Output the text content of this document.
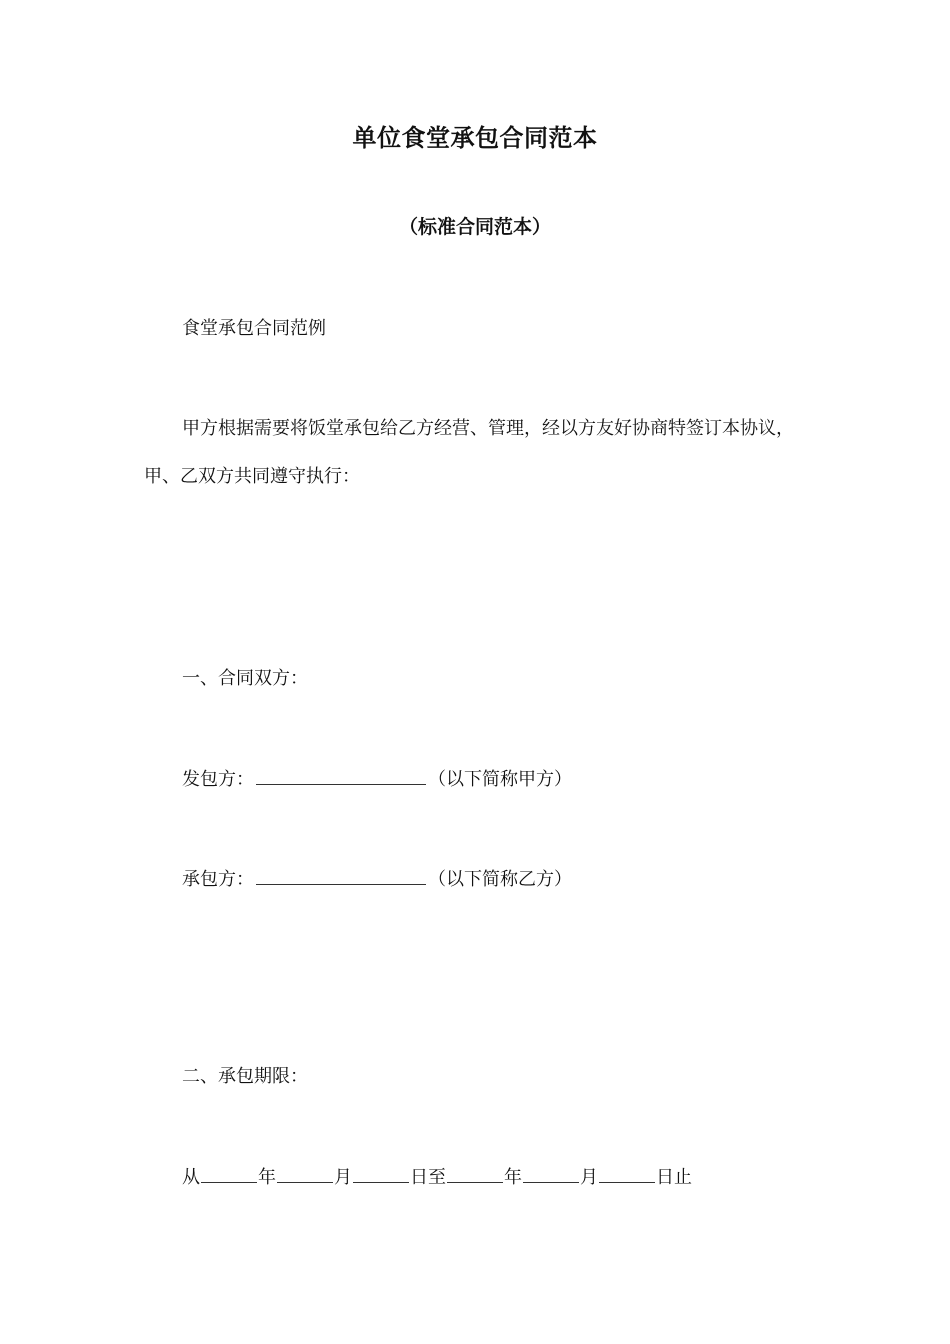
单位食堂承包合同范本
（标准合同范本）
食堂承包合同范例
甲方根据需要将饭堂承包给乙方经营、管理，经以方友好协商特签订本协议，甲、乙双方共同遵守执行：
一、合同双方：
发包方：	（以下简称甲方）
承包方：	（以下简称乙方）
二、承包期限：
从	年	月	日至	年	月	日止
